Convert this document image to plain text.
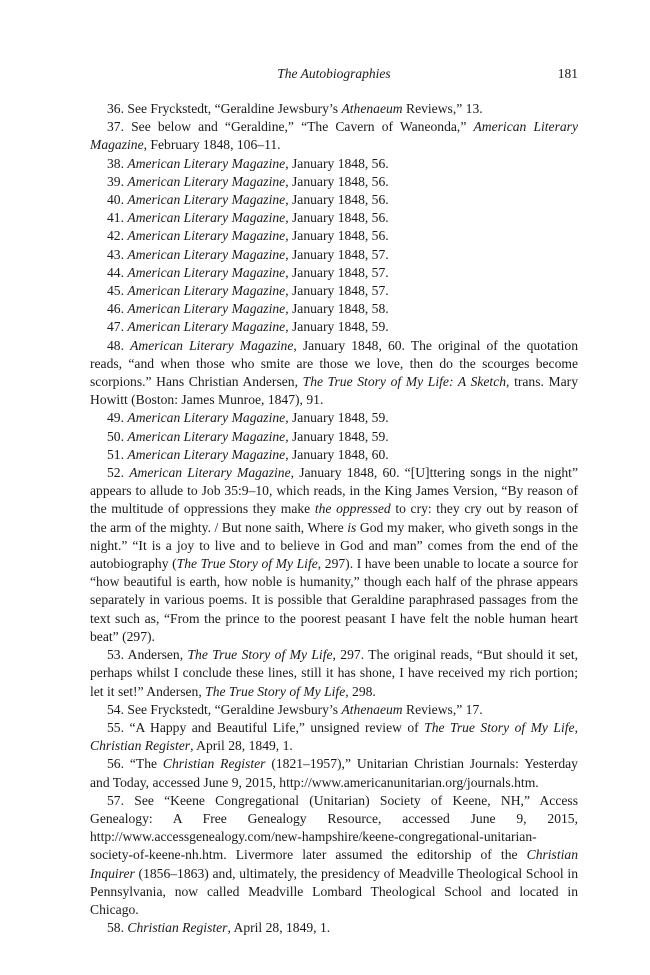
The Autobiographies	181

36. See Fryckstedt, “Geraldine Jewsbury’s Athenaeum Reviews,” 13.

37. See below and “Geraldine,” “The Cavern of Waneonda,” American Literary Magazine, February 1848, 106–11.

38. American Literary Magazine, January 1848, 56.

39. American Literary Magazine, January 1848, 56.

40. American Literary Magazine, January 1848, 56.

41. American Literary Magazine, January 1848, 56.

42. American Literary Magazine, January 1848, 56.

43. American Literary Magazine, January 1848, 57.

44. American Literary Magazine, January 1848, 57.

45. American Literary Magazine, January 1848, 57.

46. American Literary Magazine, January 1848, 58.

47. American Literary Magazine, January 1848, 59.

48. American Literary Magazine, January 1848, 60. The original of the quotation reads, “and when those who smite are those we love, then do the scourges become scorpions.” Hans Christian Andersen, The True Story of My Life: A Sketch, trans. Mary Howitt (Boston: James Munroe, 1847), 91.

49. American Literary Magazine, January 1848, 59.

50. American Literary Magazine, January 1848, 59.

51. American Literary Magazine, January 1848, 60.

52. American Literary Magazine, January 1848, 60. “[U]ttering songs in the night” appears to allude to Job 35:9–10, which reads, in the King James Version, “By reason of the multitude of oppressions they make the oppressed to cry: they cry out by reason of the arm of the mighty. / But none saith, Where is God my maker, who giveth songs in the night.” “It is a joy to live and to believe in God and man” comes from the end of the autobiography (The True Story of My Life, 297). I have been unable to locate a source for “how beautiful is earth, how noble is humanity,” though each half of the phrase appears separately in various poems. It is possible that Geraldine paraphrased passages from the text such as, “From the prince to the poorest peasant I have felt the noble human heart beat” (297).

53. Andersen, The True Story of My Life, 297. The original reads, “But should it set, perhaps whilst I conclude these lines, still it has shone, I have received my rich portion; let it set!” Andersen, The True Story of My Life, 298.

54. See Fryckstedt, “Geraldine Jewsbury’s Athenaeum Reviews,” 17.

55. “A Happy and Beautiful Life,” unsigned review of The True Story of My Life, Christian Register, April 28, 1849, 1.

56. “The Christian Register (1821–1957),” Unitarian Christian Journals: Yesterday and Today, accessed June 9, 2015, http://www.americanunitarian.org/journals.htm.

57. See “Keene Congregational (Unitarian) Society of Keene, NH,” Access Genealogy: A Free Genealogy Resource, accessed June 9, 2015, http://www.accessgenealogy.com/new-hampshire/keene-congregational-unitarian-society-of-keene-nh.htm. Livermore later assumed the editorship of the Christian Inquirer (1856–1863) and, ultimately, the presidency of Meadville Theological School in Pennsylvania, now called Meadville Lombard Theological School and located in Chicago.

58. Christian Register, April 28, 1849, 1.
